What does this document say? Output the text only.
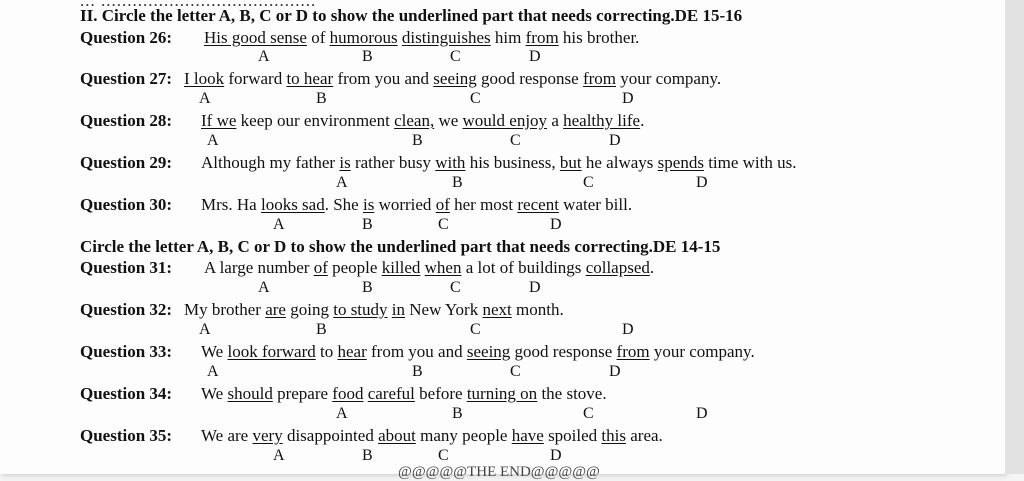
... .........................................
II. Circle the letter A, B, C or D to show the underlined part that needs correcting.DE 15-16
Question 26: His good sense of humorous distinguishes him from his brother.
A	B	C	D
Question 27: I look forward to hear from you and seeing good response from your company.
A	B	C	D
Question 28: If we keep our environment clean, we would enjoy a healthy life.
A	B	C	D
Question 29: Although my father is rather busy with his business, but he always spends time with us.
A	B	C	D
Question 30: Mrs. Ha looks sad. She is worried of her most recent water bill.
A	B	C	D
Circle the letter A, B, C or D to show the underlined part that needs correcting.DE 14-15
Question 31: A large number of people killed when a lot of buildings collapsed.
A	B	C	D
Question 32: My brother are going to study in New York next month.
A	B	C	D
Question 33: We look forward to hear from you and seeing good response from your company.
A	B	C	D
Question 34: We should prepare food careful before turning on the stove.
A	B	C	D
Question 35: We are very disappointed about many people have spoiled this area.
A	B	C	D
@@@@@THE END@@@@@
